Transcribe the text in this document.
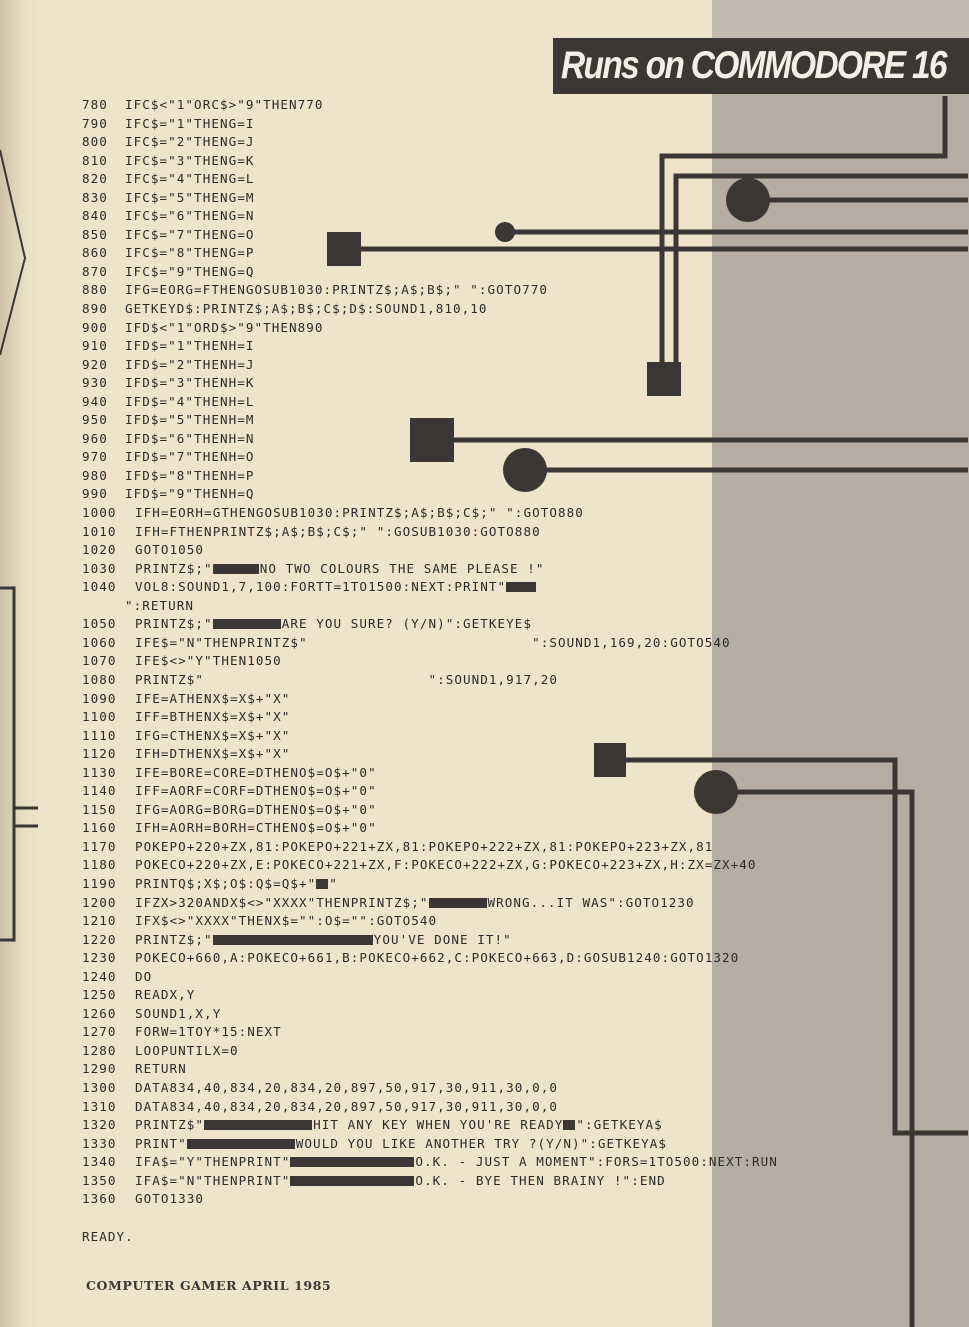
Runs on COMMODORE 16
780 IFC$<"1"ORC$>"9"THEN770
790 IFC$="1"THENG=I
800 IFC$="2"THENG=J
810 IFC$="3"THENG=K
820 IFC$="4"THENG=L
830 IFC$="5"THENG=M
840 IFC$="6"THENG=N
850 IFC$="7"THENG=O
860 IFC$="8"THENG=P
870 IFC$="9"THENG=Q
880 IFG=EORG=FTHENGOSUB1030:PRINTZ$;A$;B$;" ":GOTO770
890 GETKEYD$:PRINTZ$;A$;B$;C$;D$:SOUND1,810,10
900 IFD$<"1"ORD$>"9"THEN890
910 IFD$="1"THENH=I
920 IFD$="2"THENH=J
930 IFD$="3"THENH=K
940 IFD$="4"THENH=L
950 IFD$="5"THENH=M
960 IFD$="6"THENH=N
970 IFD$="7"THENH=O
980 IFD$="8"THENH=P
990 IFD$="9"THENH=Q
1000 IFH=EORH=GTHENGOSUB1030:PRINTZ$;A$;B$;C$;" ":GOTO880
1010 IFH=FTHENPRINTZ$;A$;B$;C$;" ":GOSUB1030:GOTO880
1020 GOTO1050
1030 PRINTZ$;"	NO TWO COLOURS THE SAME PLEASE !"
1040 VOL8:SOUND1,7,100:FORTT=1TO1500:NEXT:PRINT"
":RETURN
1050 PRINTZ$;"	ARE YOU SURE? (Y/N)":GETKEYE$
1060 IFE$="N"THENPRINTZ$"                          ":SOUND1,169,20:GOTO540
1070 IFE$<>"Y"THEN1050
1080 PRINTZ$"                          ":SOUND1,917,20
1090 IFE=ATHENX$=X$+"X"
1100 IFF=BTHENX$=X$+"X"
1110 IFG=CTHENX$=X$+"X"
1120 IFH=DTHENX$=X$+"X"
1130 IFE=BORE=CORE=DTHENO$=O$+"0"
1140 IFF=AORF=CORF=DTHENO$=O$+"0"
1150 IFG=AORG=BORG=DTHENO$=O$+"0"
1160 IFH=AORH=BORH=CTHENO$=O$+"0"
1170 POKEPO+220+ZX,81:POKEPO+221+ZX,81:POKEPO+222+ZX,81:POKEPO+223+ZX,81
1180 POKECO+220+ZX,E:POKECO+221+ZX,F:POKECO+222+ZX,G:POKECO+223+ZX,H:ZX=ZX+40
1190 PRINTQ$;X$;O$:Q$=Q$+" "
1200 IFZX>320ANDX$<>"XXXX"THENPRINTZ$;"	WRONG...IT WAS":GOTO1230
1210 IFX$<>"XXXX"THENX$="":O$="":GOTO540
1220 PRINTZ$;"	YOU'VE DONE IT!"
1230 POKECO+660,A:POKECO+661,B:POKECO+662,C:POKECO+663,D:GOSUB1240:GOTO1320
1240 DO
1250 READX,Y
1260 SOUND1,X,Y
1270 FORW=1TOY*15:NEXT
1280 LOOPUNTILX=0
1290 RETURN
1300 DATA834,40,834,20,834,20,897,50,917,30,911,30,0,0
1310 DATA834,40,834,20,834,20,897,50,917,30,911,30,0,0
1320 PRINTZ$"	HIT ANY KEY WHEN YOU'RE READY ":GETKEYA$
1330 PRINT"	WOULD YOU LIKE ANOTHER TRY ?(Y/N)":GETKEYA$
1340 IFA$="Y"THENPRINT"	O.K. - JUST A MOMENT":FORS=1TO500:NEXT:RUN
1350 IFA$="N"THENPRINT"	O.K. - BYE THEN BRAINY !":END
1360 GOTO1330
READY.
COMPUTER GAMER APRIL 1985
